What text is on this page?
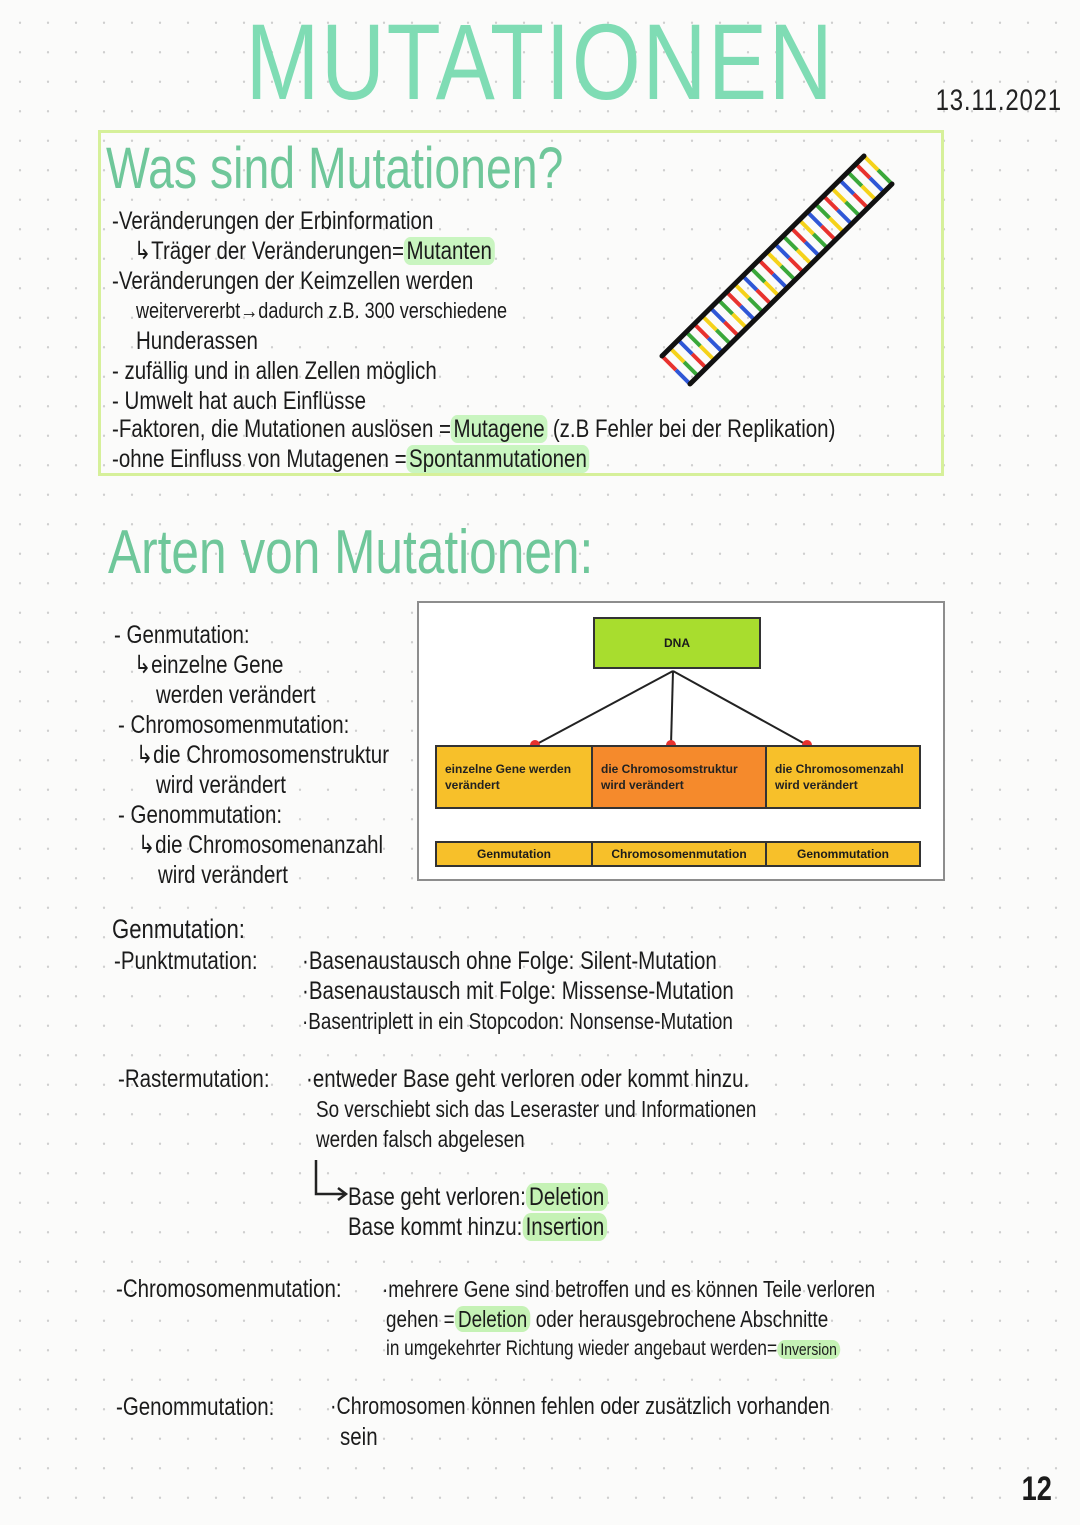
MUTATIONEN	13.11.2021
Was sind Mutationen?
-Veränderungen der Erbinformation
↳Träger der Veränderungen=Mutanten
-Veränderungen der Keimzellen werden
weitervererbt→dadurch z.B. 300 verschiedene
Hunderassen
- zufällig und in allen Zellen möglich
- Umwelt hat auch Einflüsse
-Faktoren, die Mutationen auslösen =Mutagene (z.B Fehler bei der Replikation)
-ohne Einfluss von Mutagenen =Spontanmutationen
Arten von Mutationen:
- Genmutation:
↳einzelne Gene
werden verändert
- Chromosomenmutation:
↳die Chromosomenstruktur
wird verändert
- Genommutation:
↳die Chromosomenanzahl
wird verändert
DNA
einzelne Gene werden verändert
die Chromosomstruktur wird verändert
die Chromosomenzahl wird verändert
Genmutation	Chromosomenmutation	Genommutation
Genmutation:
-Punktmutation: ·Basenaustausch ohne Folge: Silent-Mutation
·Basenaustausch mit Folge: Missense-Mutation
·Basentriplett in ein Stopcodon: Nonsense-Mutation
-Rastermutation: ·entweder Base geht verloren oder kommt hinzu.
So verschiebt sich das Leseraster und Informationen
werden falsch abgelesen
Base geht verloren: Deletion
Base kommt hinzu: Insertion
-Chromosomenmutation: ·mehrere Gene sind betroffen und es können Teile verloren
gehen = Deletion oder herausgebrochene Abschnitte
in umgekehrter Richtung wieder angebaut werden= Inversion
-Genommutation: ·Chromosomen können fehlen oder zusätzlich vorhanden
sein
12
